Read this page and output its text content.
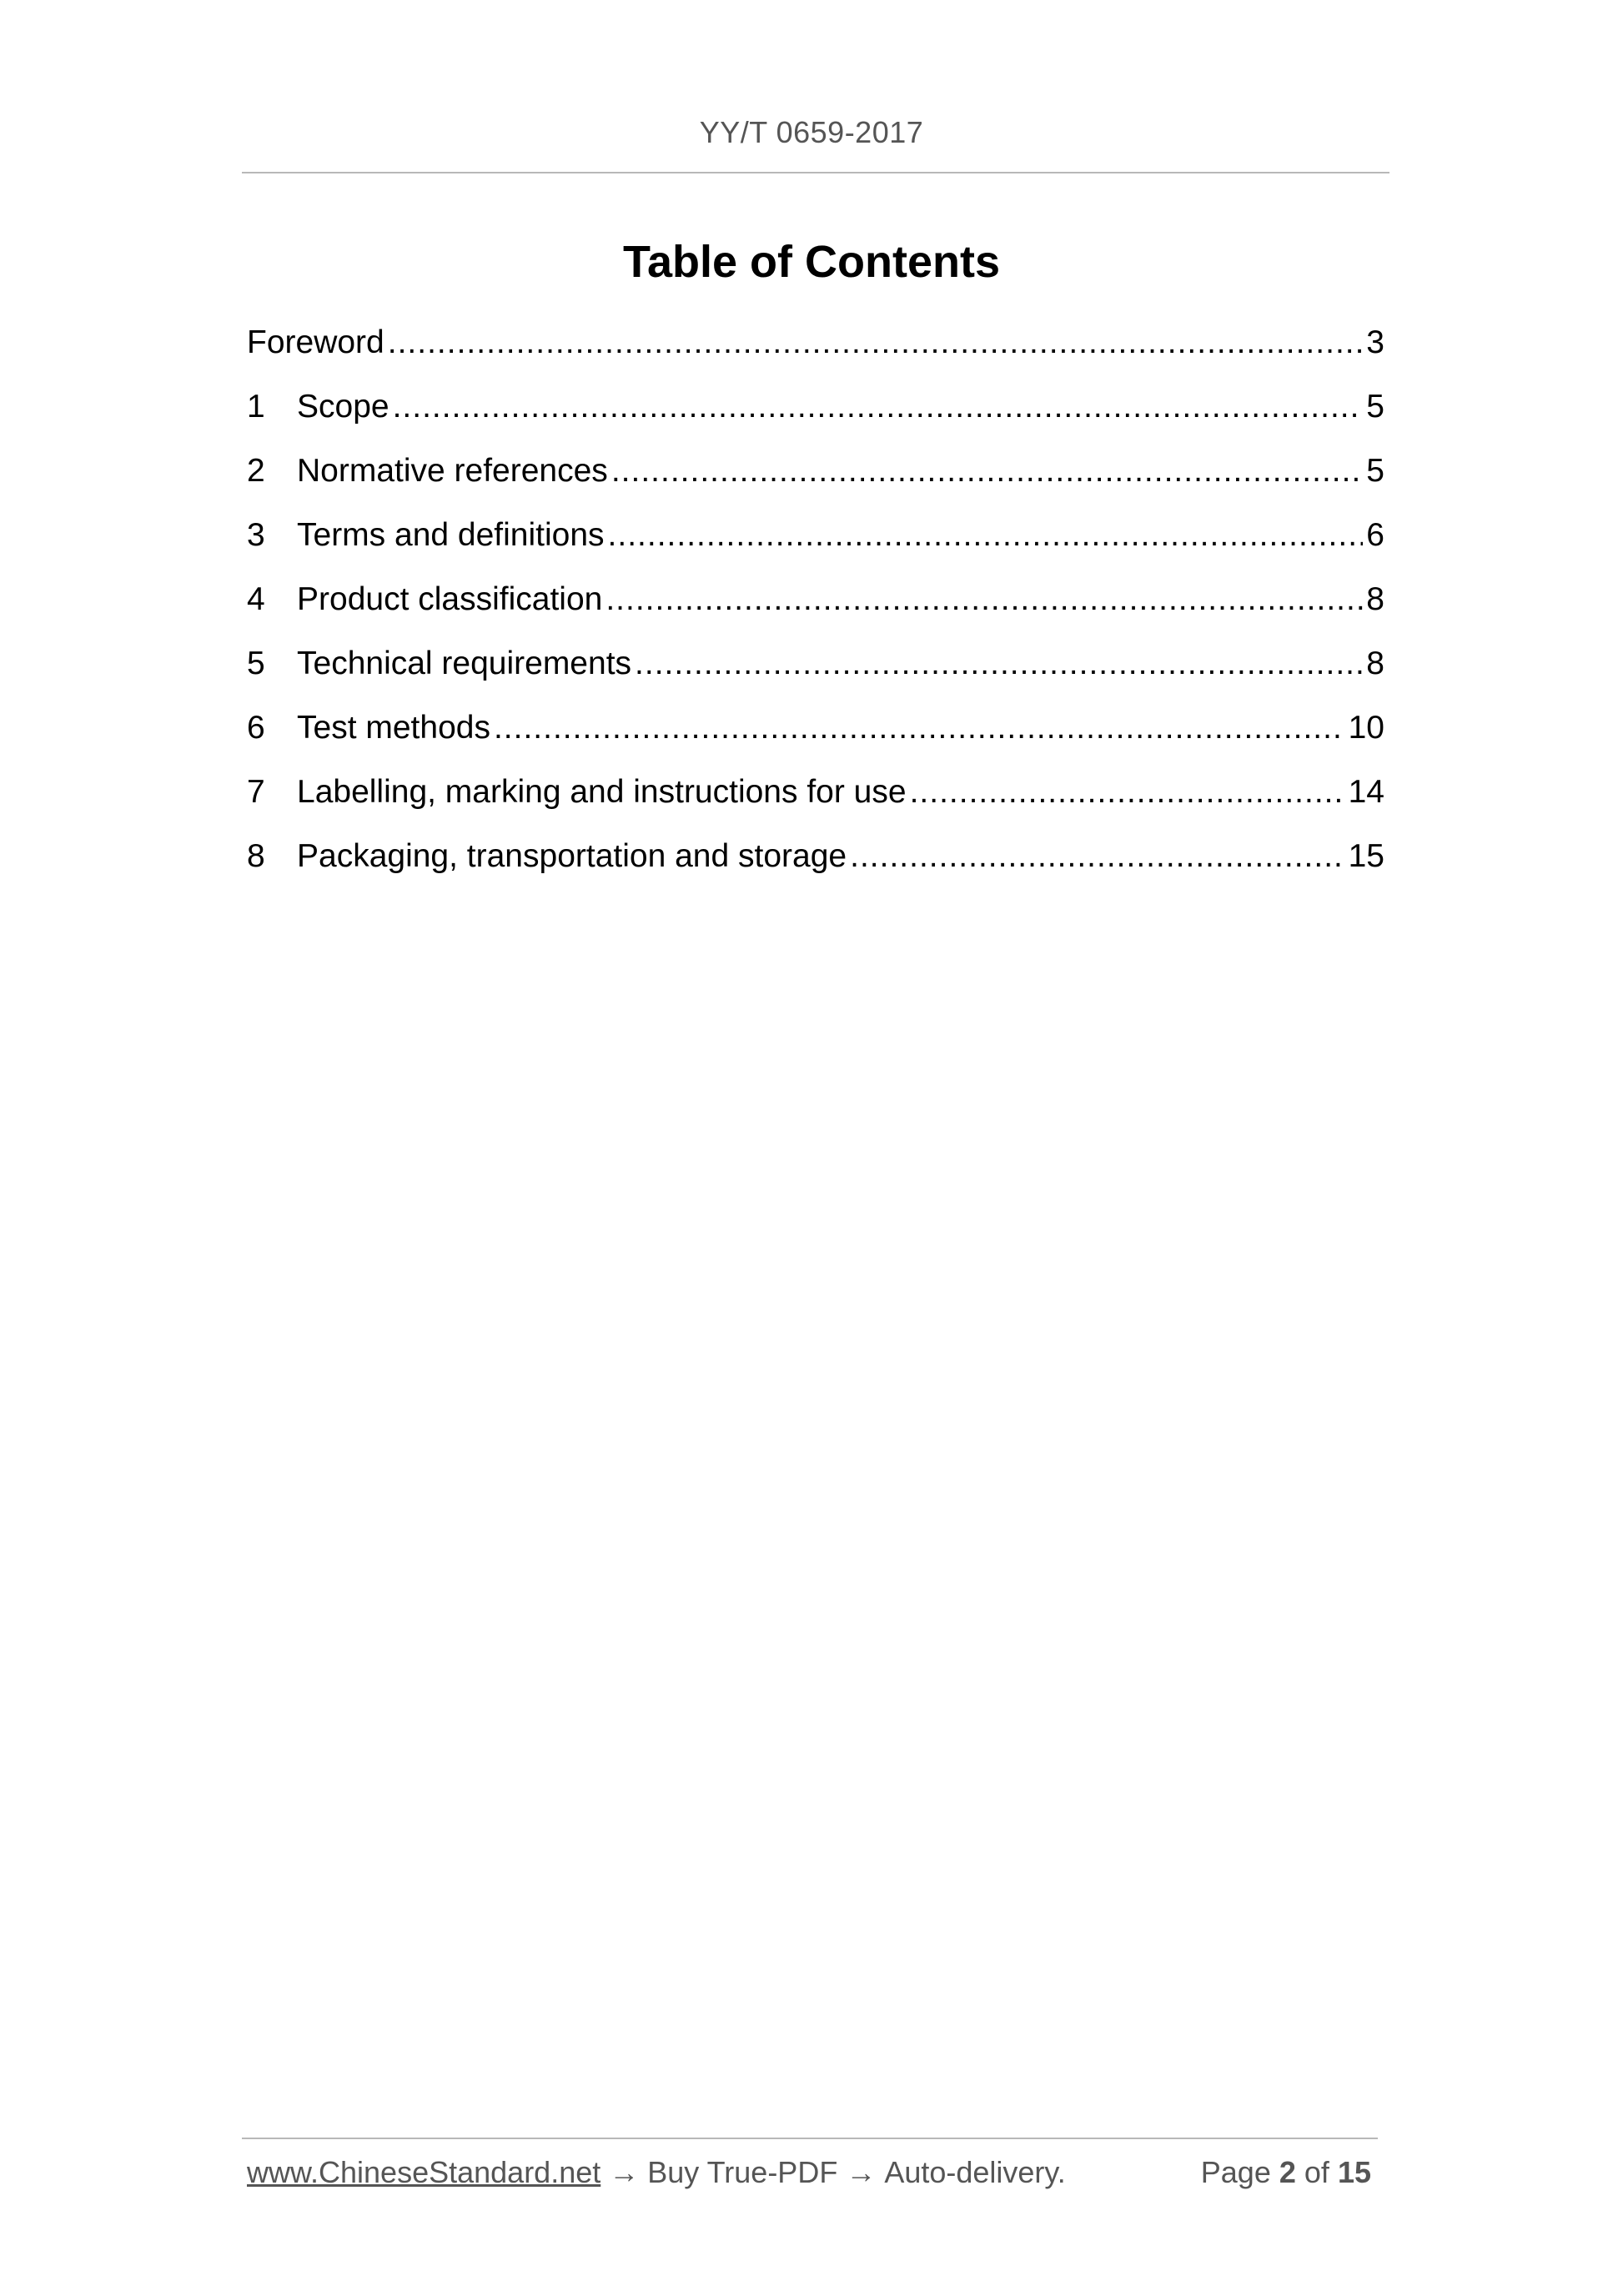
YY/T 0659-2017
Table of Contents
Foreword .....	3
1 Scope .....	5
2 Normative references .....	5
3 Terms and definitions .....	6
4 Product classification .....	8
5 Technical requirements .....	8
6 Test methods .....	10
7 Labelling, marking and instructions for use .....	14
8 Packaging, transportation and storage .....	15
www.ChineseStandard.net → Buy True-PDF → Auto-delivery.	Page 2 of 15
